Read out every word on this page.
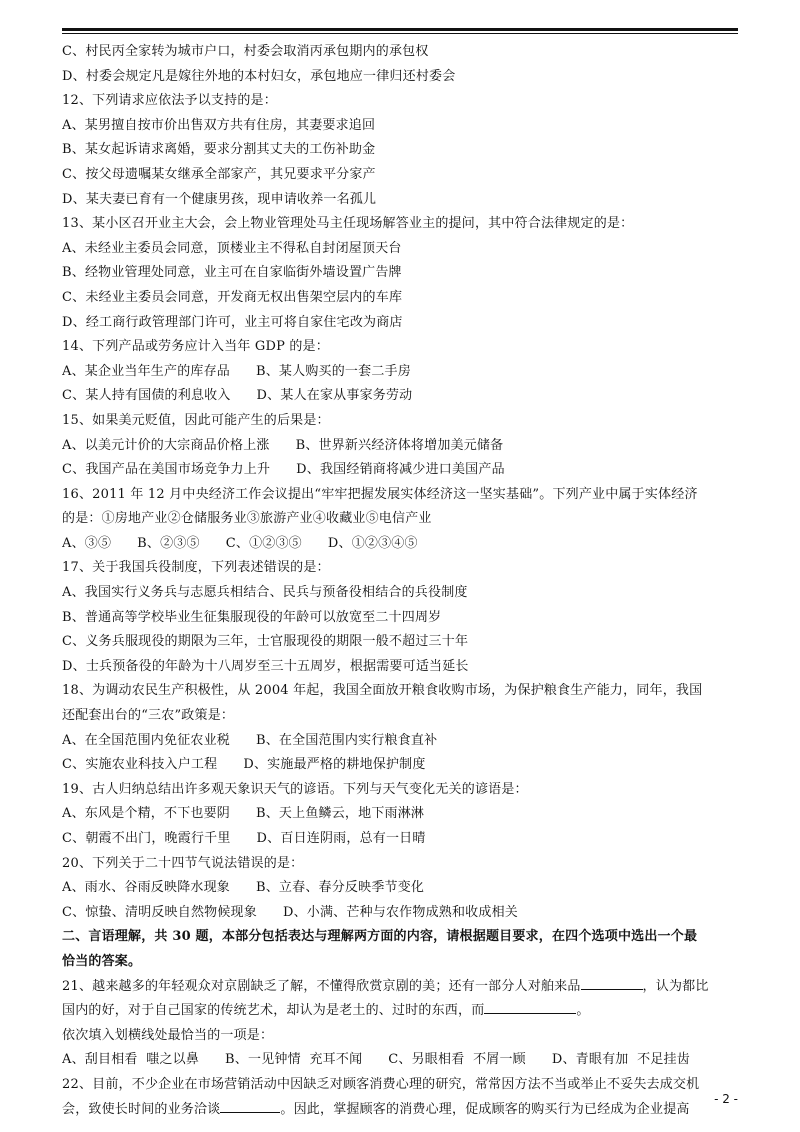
C、村民丙全家转为城市户口，村委会取消丙承包期内的承包权
D、村委会规定凡是嫁往外地的本村妇女，承包地应一律归还村委会
12、下列请求应依法予以支持的是：
A、某男擅自按市价出售双方共有住房，其妻要求追回
B、某女起诉请求离婚，要求分割其丈夫的工伤补助金
C、按父母遗嘱某女继承全部家产，其兄要求平分家产
D、某夫妻已育有一个健康男孩，现申请收养一名孤儿
13、某小区召开业主大会，会上物业管理处马主任现场解答业主的提问，其中符合法律规定的是：
A、未经业主委员会同意，顶楼业主不得私自封闭屋顶天台
B、经物业管理处同意，业主可在自家临街外墙设置广告牌
C、未经业主委员会同意，开发商无权出售架空层内的车库
D、经工商行政管理部门许可，业主可将自家住宅改为商店
14、下列产品或劳务应计入当年 GDP 的是：
A、某企业当年生产的库存品      B、某人购买的一套二手房
C、某人持有国债的利息收入      D、某人在家从事家务劳动
15、如果美元贬值，因此可能产生的后果是：
A、以美元计价的大宗商品价格上涨      B、世界新兴经济体将增加美元储备
C、我国产品在美国市场竞争力上升      D、我国经销商将减少进口美国产品
16、2011 年 12 月中央经济工作会议提出“牢牢把握发展实体经济这一坚实基础”。下列产业中属于实体经济
的是：①房地产业②仓储服务业③旅游产业④收藏业⑤电信产业
A、③⑤      B、②③⑤      C、①②③⑤      D、①②③④⑤
17、关于我国兵役制度，下列表述错误的是：
A、我国实行义务兵与志愿兵相结合、民兵与预备役相结合的兵役制度
B、普通高等学校毕业生征集服现役的年龄可以放宽至二十四周岁
C、义务兵服现役的期限为三年，士官服现役的期限一般不超过三十年
D、士兵预备役的年龄为十八周岁至三十五周岁，根据需要可适当延长
18、为调动农民生产积极性，从 2004 年起，我国全面放开粮食收购市场，为保护粮食生产能力，同年，我国
还配套出台的“三农”政策是：
A、在全国范围内免征农业税      B、在全国范围内实行粮食直补
C、实施农业科技入户工程      D、实施最严格的耕地保护制度
19、古人归纳总结出许多观天象识天气的谚语。下列与天气变化无关的谚语是：
A、东风是个精，不下也要阴      B、天上鱼鳞云，地下雨淋淋
C、朝霞不出门，晚霞行千里      D、百日连阴雨，总有一日晴
20、下列关于二十四节气说法错误的是：
A、雨水、谷雨反映降水现象      B、立春、春分反映季节变化
C、惊蛰、清明反映自然物候现象      D、小满、芒种与农作物成熟和收成相关
二、言语理解，共 30 题，本部分包括表达与理解两方面的内容，请根据题目要求，在四个选项中选出一个最
恰当的答案。
21、越来越多的年轻观众对京剧缺乏了解，不懂得欣赏京剧的美；还有一部分人对舶来品	，认为都比
国内的好，对于自己国家的传统艺术，却认为是老土的、过时的东西，而	。
依次填入划横线处最恰当的一项是：
A、刮目相看  嗤之以鼻      B、一见钟情  充耳不闻      C、另眼相看  不屑一顾      D、青眼有加  不足挂齿
22、目前，不少企业在市场营销活动中因缺乏对顾客消费心理的研究，常常因方法不当或举止不妥失去成交机
会，致使长时间的业务洽谈	。因此，掌握顾客的消费心理，促成顾客的购买行为已经成为企业提高
- 2 -
